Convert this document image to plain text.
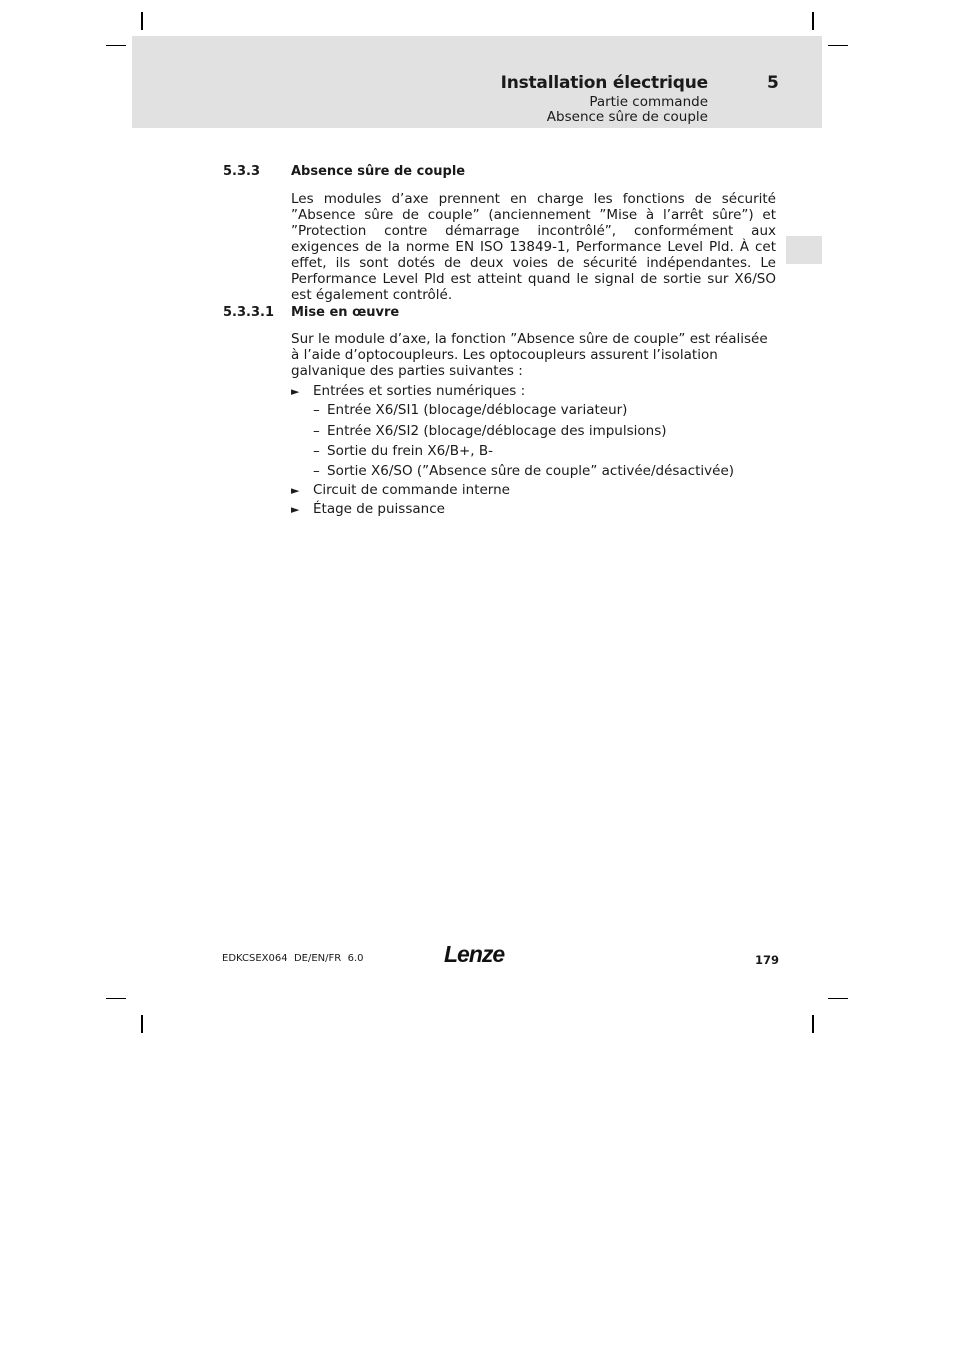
Installation électrique	5
Partie commande
Absence sûre de couple
5.3.3 Absence sûre de couple

Les modules d’axe prennent en charge les fonctions de sécurité ”Absence sûre de couple” (anciennement ”Mise à l’arrêt sûre”) et ”Protection contre démarrage incontrôlé”, conformément aux exigences de la norme EN ISO 13849-1, Performance Level Pld. À cet effet, ils sont dotés de deux voies de sécurité indépendantes. Le Performance Level Pld est atteint quand le signal de sortie sur X6/SO est également contrôlé.

5.3.3.1 Mise en œuvre

Sur le module d’axe, la fonction ”Absence sûre de couple” est réalisée à l’aide d’optocoupleurs. Les optocoupleurs assurent l’isolation galvanique des parties suivantes :

►	Entrées et sorties numériques :
– Entrée X6/SI1 (blocage/déblocage variateur)
– Entrée X6/SI2 (blocage/déblocage des impulsions)
– Sortie du frein X6/B+, B-
– Sortie X6/SO (”Absence sûre de couple” activée/désactivée)
►	Circuit de commande interne
►	Étage de puissance
EDKCSEX064  DE/EN/FR  6.0	Lenze	179
